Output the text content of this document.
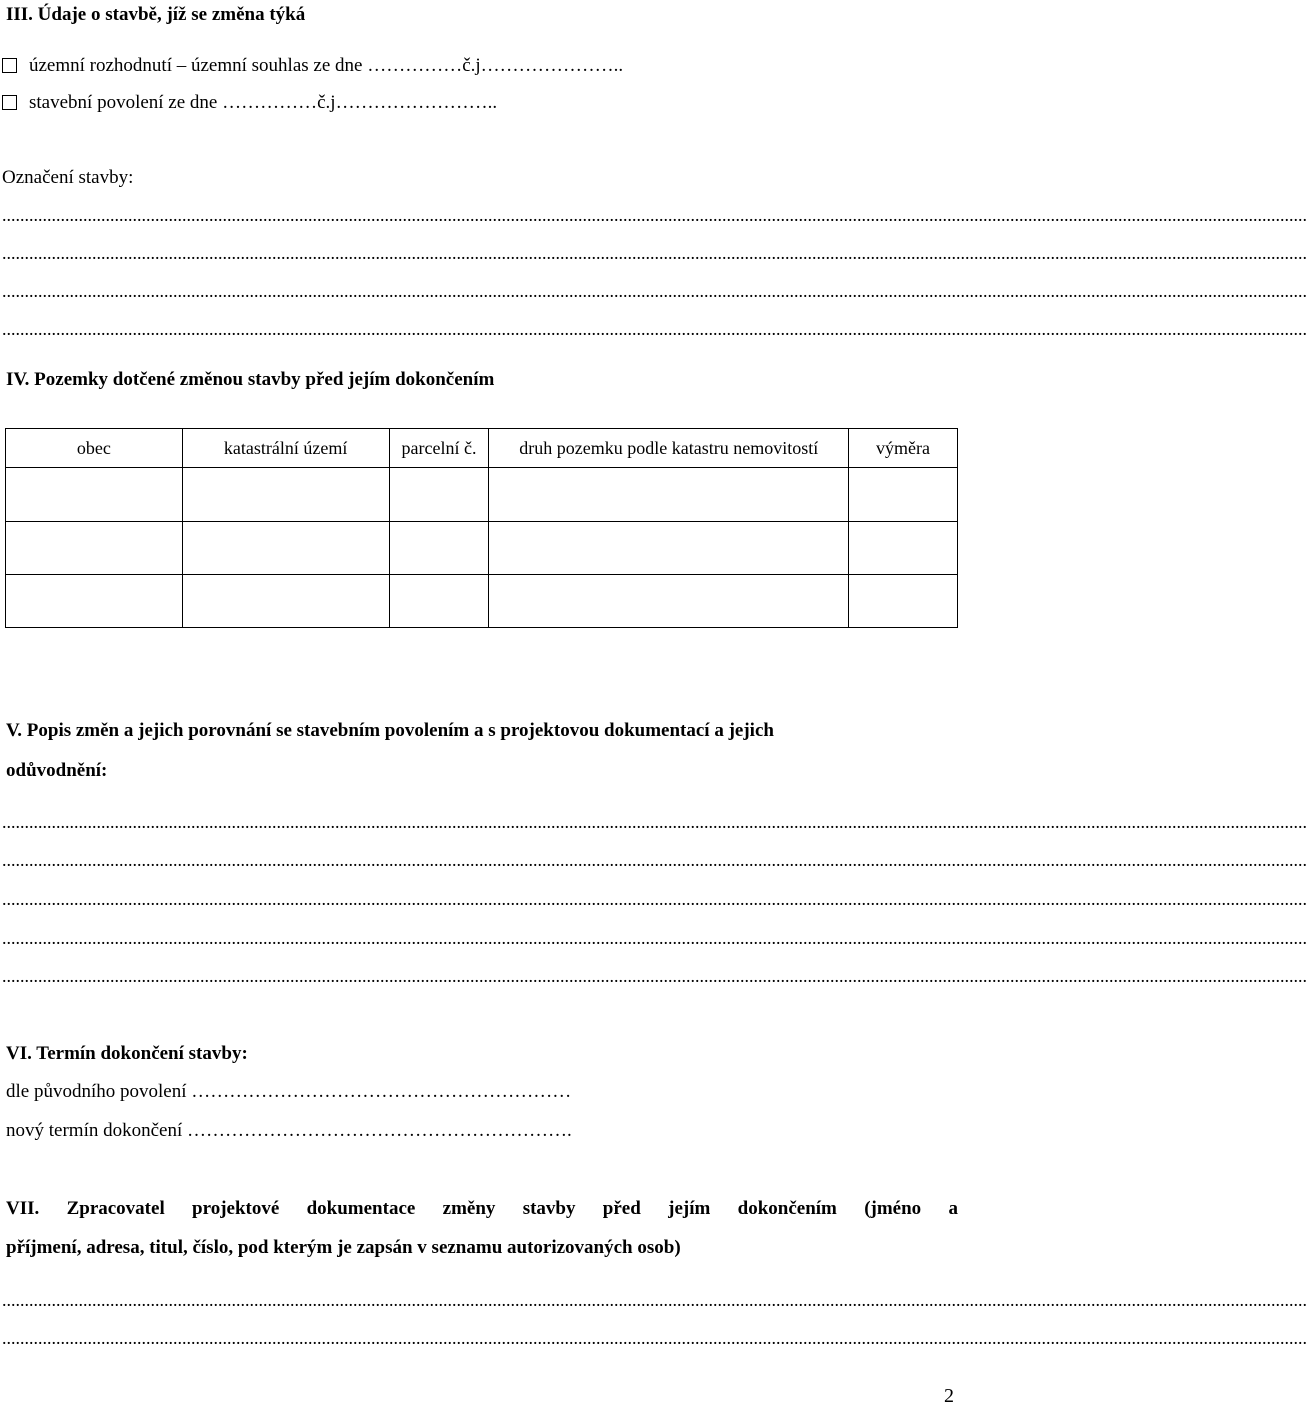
III. Údaje o stavbě, jíž se změna týká
územní rozhodnutí – územní souhlas ze dne ……………č.j…………………..
stavební povolení ze dne ……………č.j……………………..
Označení stavby:
..................................................................................................................................................................................................................................................................................................
..................................................................................................................................................................................................................................................................................................
..................................................................................................................................................................................................................................................................................................
..................................................................................................................................................................................................................................................................................................
IV. Pozemky dotčené změnou stavby před jejím dokončením
obec	katastrální území	parcelní č.	druh pozemku podle katastru nemovitostí	výměra

V. Popis změn a jejich porovnání se stavebním povolením a s projektovou dokumentací a jejich
odůvodnění:
..................................................................................................................................................................................................................................................................................................
..................................................................................................................................................................................................................................................................................................
..................................................................................................................................................................................................................................................................................................
..................................................................................................................................................................................................................................................................................................
..................................................................................................................................................................................................................................................................................................
VI. Termín dokončení stavby:
dle původního povolení ……………………………………………………
nový termín dokončení …………………………………………………….
VII. Zpracovatel projektové dokumentace změny stavby před jejím dokončením (jméno a
příjmení, adresa, titul, číslo, pod kterým je zapsán v seznamu autorizovaných osob)
..................................................................................................................................................................................................................................................................................................
..................................................................................................................................................................................................................................................................................................
2
